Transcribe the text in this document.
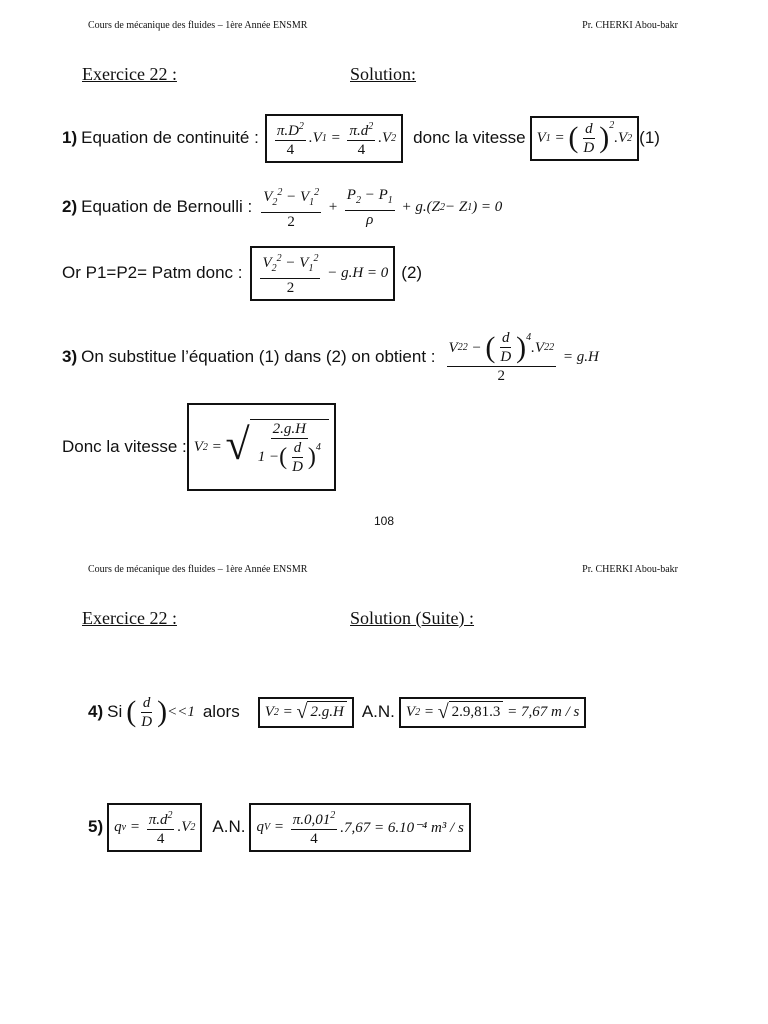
Cours de mécanique des fluides – 1ère Année ENSMR	Pr. CHERKI Abou-bakr
Exercice 22 :	Solution:
1) Equation de continuité : $\frac{\pi.D^2}{4} .V$ $1 = \frac{\pi.d^2}{4} .V$ 2 donc la vitesse V 1 = ( $\frac{d}{D} )^2$
.V 2 (1)
2) Equation de Bernoulli : $\frac{V_2^2 - V_1^2}{2} + \frac{P_2 - P_1}{\rho} + g.(Z$ 2 − Z 1 ) = 0
Or P1=P2= Patm donc : $\frac{V_2^2 - V_1^2}{2} - g.H = 0$ (2)
3) On substitue l’équation (1) dans (2) on obtient : V 2 2 − ( $\frac{d}{D} )^4$
$.V_2$ 2
2 = g.H
Donc la vitesse : V 2 = √ $\frac{2.g.H}{1 - ( \frac{d}{D} )^4}$
108
Cours de mécanique des fluides – 1ère Année ENSMR	Pr. CHERKI Abou-bakr
Exercice 22 :	Solution (Suite) :
4) Si ( $\frac{d}{D}$ ) <<1 alors	V 2 = √ 2.g.H A.N. V 2 = √ 2.9,81.3
= 7,67 m / s
5) q $v = \frac{\pi.d^2}{4} .V$ 2 A.N. q $V = \frac{\pi.0,01^2}{4} .7,67 = 6.10^{-4}$ m³ / s
